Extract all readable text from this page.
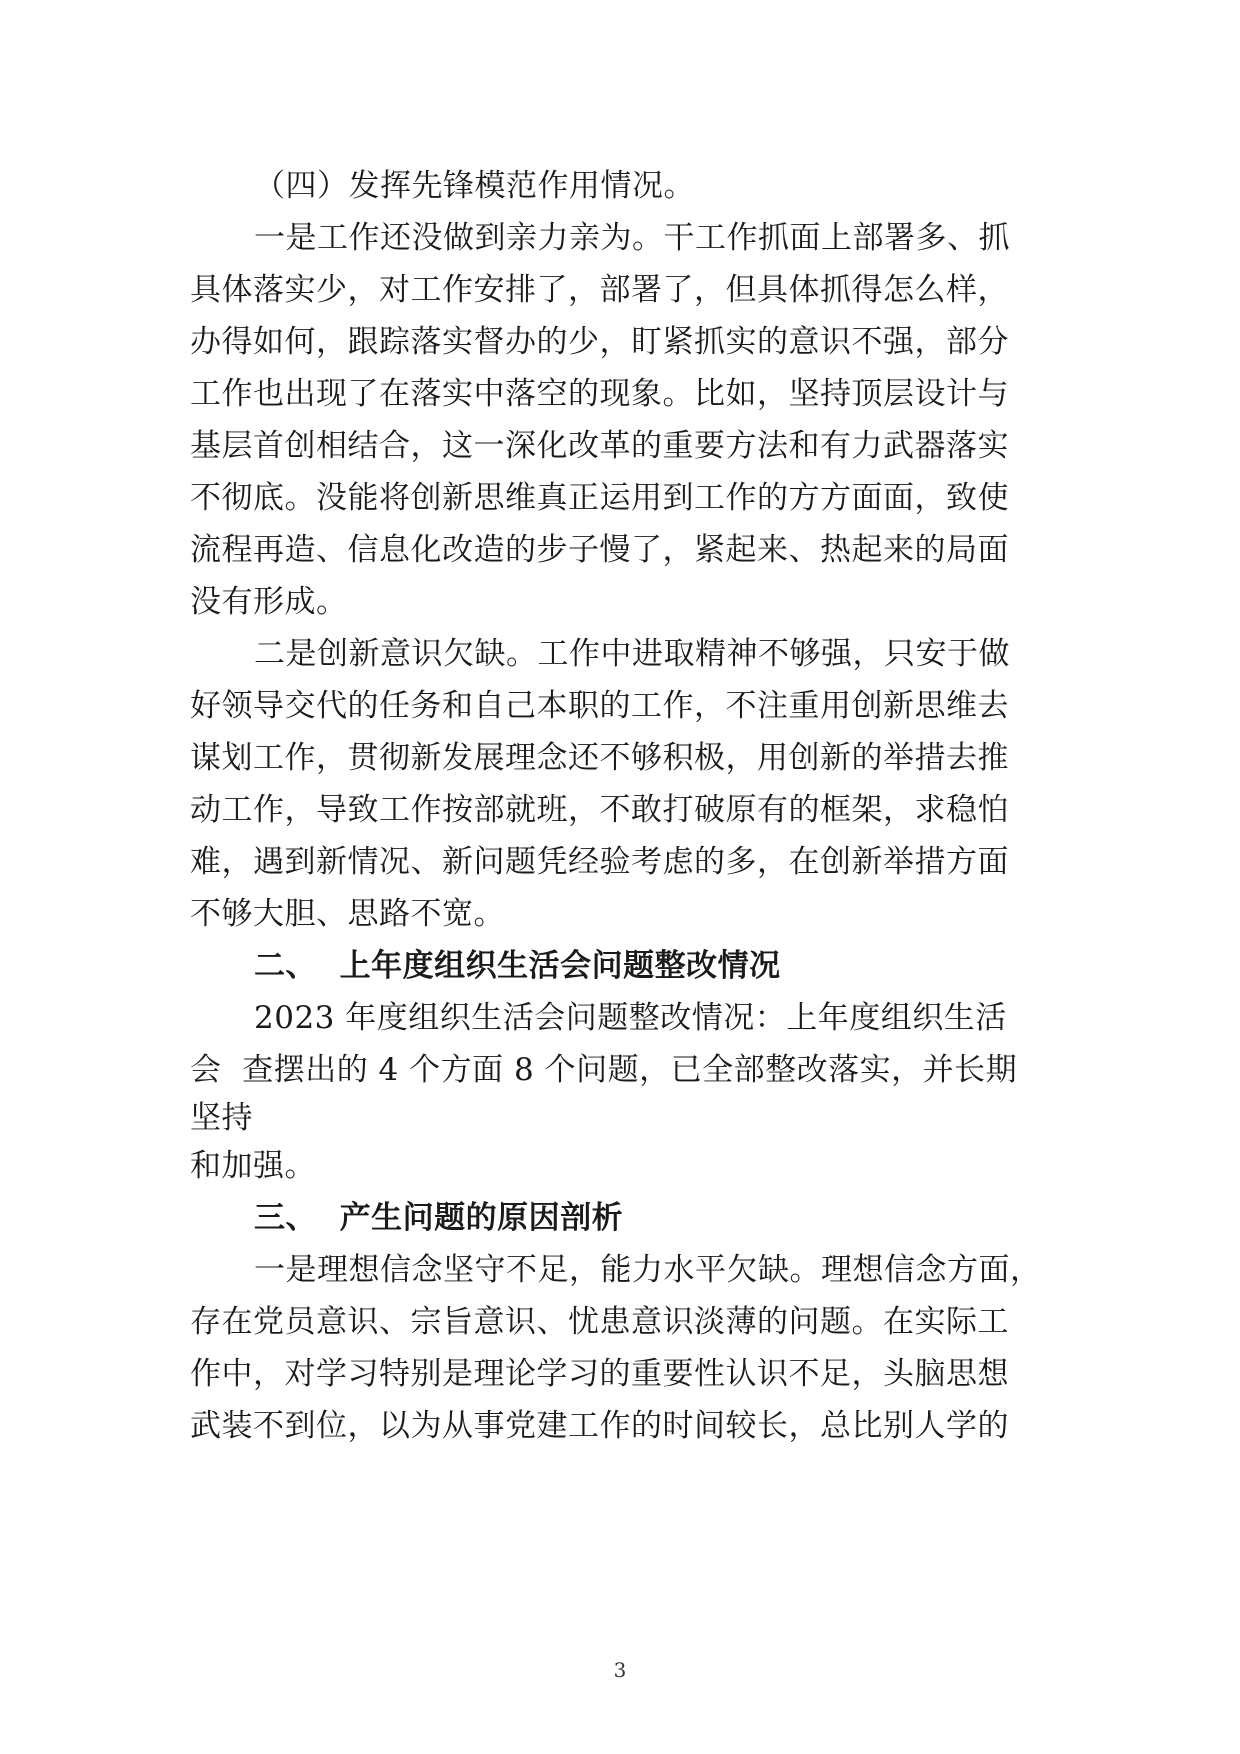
（四）发挥先锋模范作用情况。
一是工作还没做到亲力亲为。干工作抓面上部署多、抓
具体落实少，对工作安排了，部署了，但具体抓得怎么样，
办得如何，跟踪落实督办的少，盯紧抓实的意识不强，部分
工作也出现了在落实中落空的现象。比如，坚持顶层设计与
基层首创相结合，这一深化改革的重要方法和有力武器落实
不彻底。没能将创新思维真正运用到工作的方方面面，致使
流程再造、信息化改造的步子慢了，紧起来、热起来的局面
没有形成。
二是创新意识欠缺。工作中进取精神不够强，只安于做
好领导交代的任务和自己本职的工作，不注重用创新思维去
谋划工作，贯彻新发展理念还不够积极，用创新的举措去推
动工作，导致工作按部就班，不敢打破原有的框架，求稳怕
难，遇到新情况、新问题凭经验考虑的多，在创新举措方面
不够大胆、思路不宽。
二、  上年度组织生活会问题整改情况
2023 年度组织生活会问题整改情况：上年度组织生活
会  查摆出的 4 个方面 8 个问题，已全部整改落实，并长期
坚持
和加强。
三、  产生问题的原因剖析
一是理想信念坚守不足，能力水平欠缺。理想信念方面，
存在党员意识、宗旨意识、忧患意识淡薄的问题。在实际工
作中，对学习特别是理论学习的重要性认识不足，头脑思想
武装不到位，以为从事党建工作的时间较长，总比别人学的
3
